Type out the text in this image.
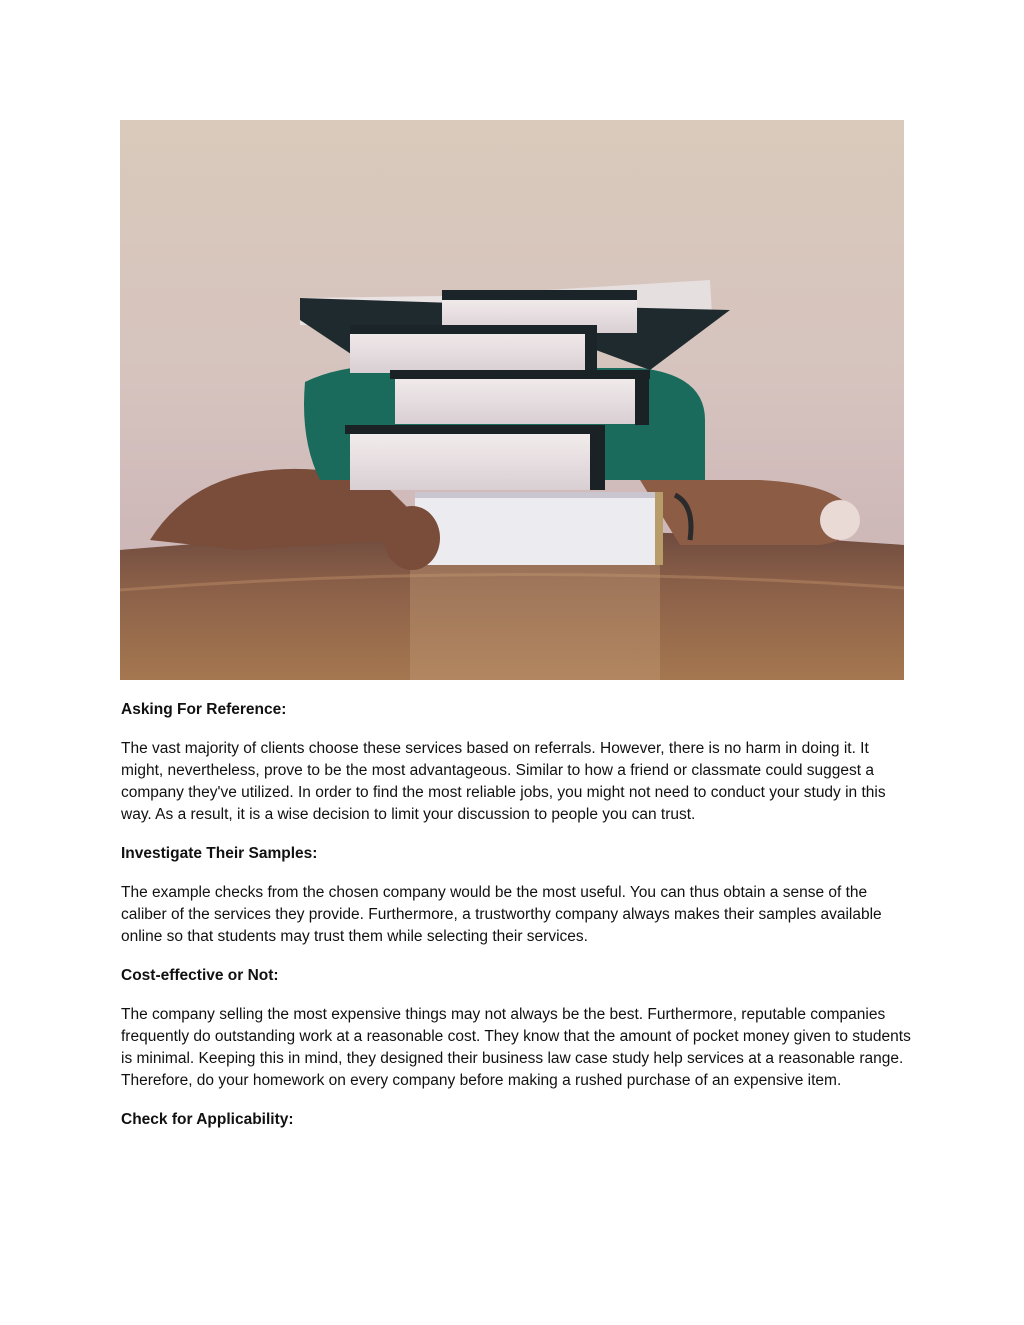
Asking For Reference:

The vast majority of clients choose these services based on referrals. However, there is no harm in doing it. It might, nevertheless, prove to be the most advantageous. Similar to how a friend or classmate could suggest a company they've utilized. In order to find the most reliable jobs, you might not need to conduct your study in this way. As a result, it is a wise decision to limit your discussion to people you can trust.

Investigate Their Samples:

The example checks from the chosen company would be the most useful. You can thus obtain a sense of the caliber of the services they provide. Furthermore, a trustworthy company always makes their samples available online so that students may trust them while selecting their services.

Cost-effective or Not:

The company selling the most expensive things may not always be the best. Furthermore, reputable companies frequently do outstanding work at a reasonable cost. They know that the amount of pocket money given to students is minimal. Keeping this in mind, they designed their business law case study help services at a reasonable range. Therefore, do your homework on every company before making a rushed purchase of an expensive item.

Check for Applicability:
